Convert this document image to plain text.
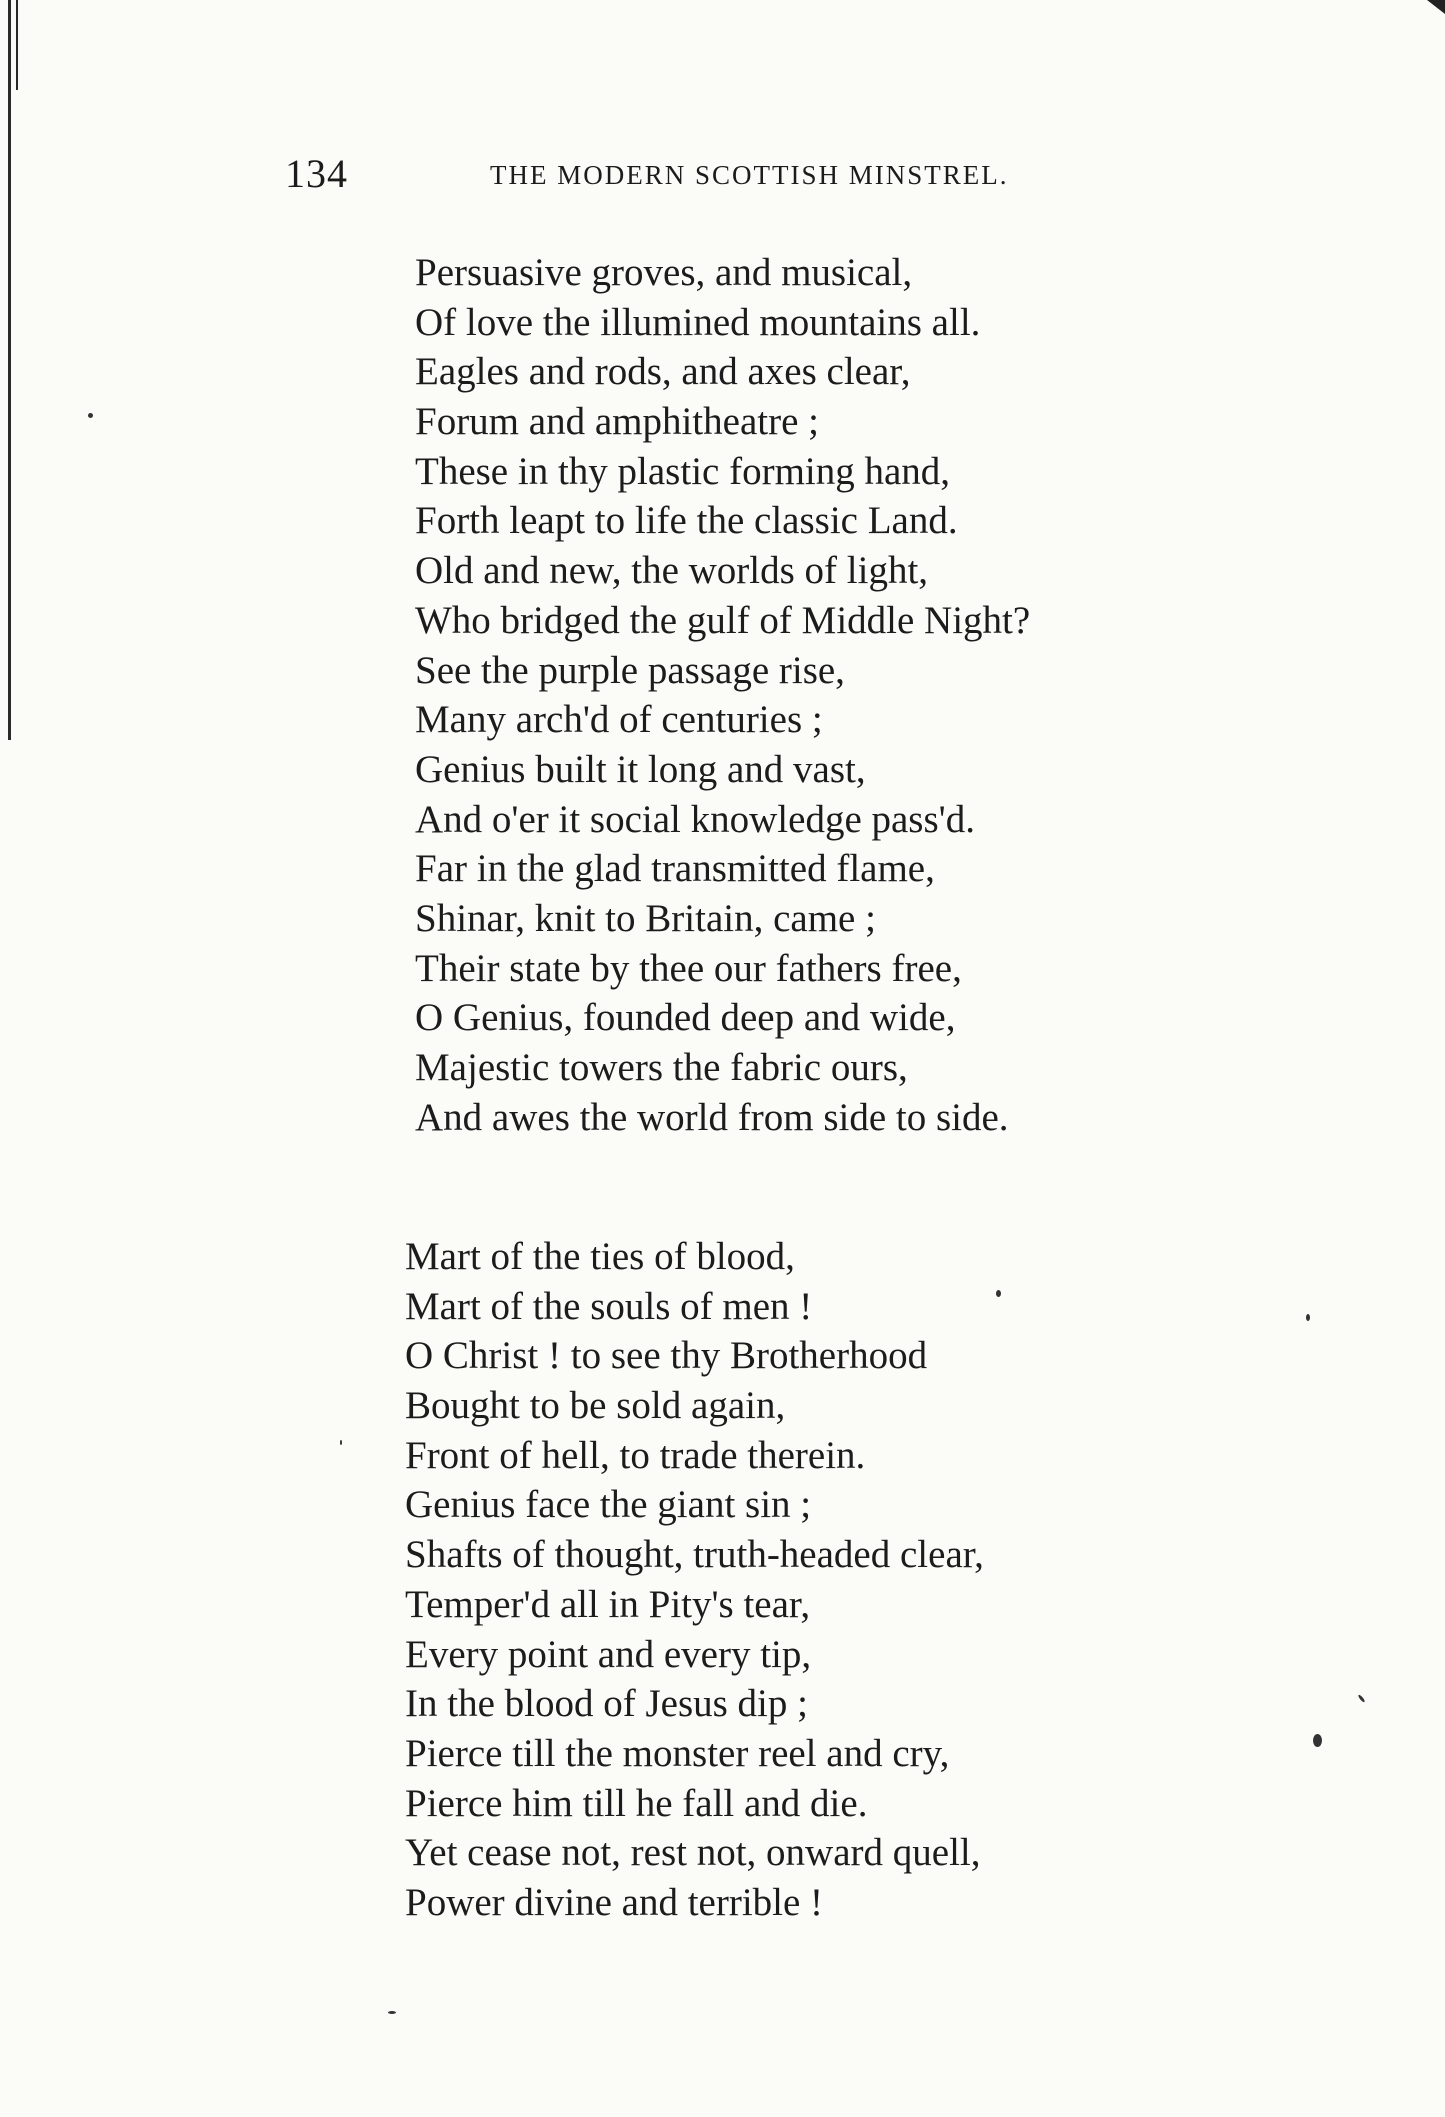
134	THE MODERN SCOTTISH MINSTREL.
Persuasive groves, and musical,
Of love the illumined mountains all.
Eagles and rods, and axes clear,
Forum and amphitheatre ;
These in thy plastic forming hand,
Forth leapt to life the classic Land.
Old and new, the worlds of light,
Who bridged the gulf of Middle Night?
See the purple passage rise,
Many arch'd of centuries ;
Genius built it long and vast,
And o'er it social knowledge pass'd.
Far in the glad transmitted flame,
Shinar, knit to Britain, came ;
Their state by thee our fathers free,
O Genius, founded deep and wide,
Majestic towers the fabric ours,
And awes the world from side to side.
Mart of the ties of blood,
Mart of the souls of men !
O Christ ! to see thy Brotherhood
Bought to be sold again,
Front of hell, to trade therein.
Genius face the giant sin ;
Shafts of thought, truth-headed clear,
Temper'd all in Pity's tear,
Every point and every tip,
In the blood of Jesus dip ;
Pierce till the monster reel and cry,
Pierce him till he fall and die.
Yet cease not, rest not, onward quell,
Power divine and terrible !
